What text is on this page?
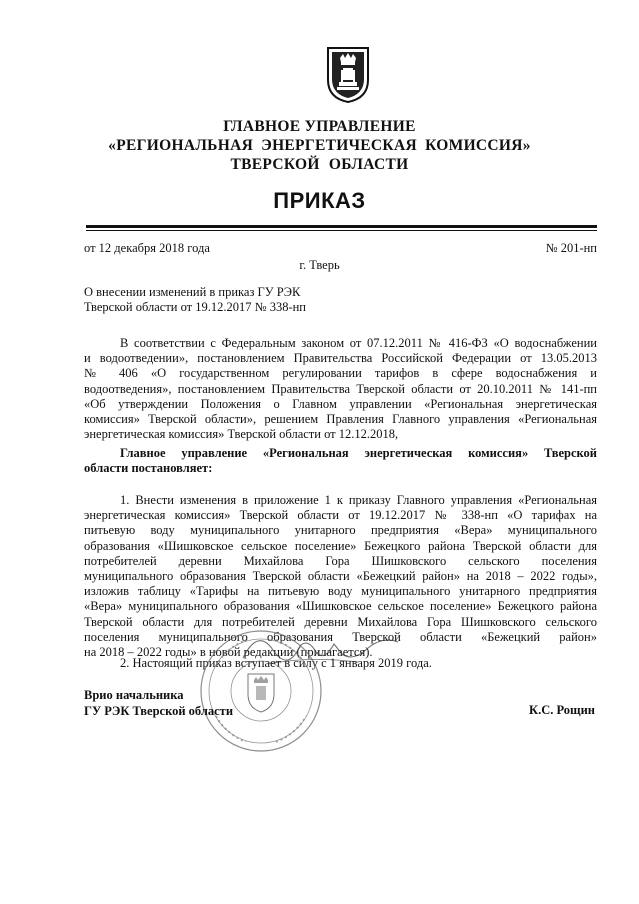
ГЛАВНОЕ УПРАВЛЕНИЕ
«РЕГИОНАЛЬНАЯ ЭНЕРГЕТИЧЕСКАЯ КОМИССИЯ»
ТВЕРСКОЙ ОБЛАСТИ
ПРИКАЗ
от 12 декабря 2018 года	№ 201-нп
г. Тверь
О внесении изменений в приказ ГУ РЭК
Тверской области от 19.12.2017 № 338-нп
В соответствии с Федеральным законом от 07.12.2011 № 416-ФЗ «О водоснабжении
и водоотведении», постановлением Правительства Российской Федерации от 13.05.2013
№ 406 «О государственном регулировании тарифов в сфере водоснабжения и
водоотведения», постановлением Правительства Тверской области от 20.10.2011 № 141-пп
«Об утверждении Положения о Главном управлении «Региональная энергетическая
комиссия» Тверской области», решением Правления Главного управления «Региональная
энергетическая комиссия» Тверской области от 12.12.2018,
Главное управление «Региональная энергетическая комиссия» Тверской
области постановляет:
1. Внести изменения в приложение 1 к приказу Главного управления «Региональная
энергетическая комиссия» Тверской области от 19.12.2017 № 338-нп «О тарифах на
питьевую воду муниципального унитарного предприятия «Вера» муниципального
образования «Шишковское сельское поселение» Бежецкого района Тверской области для
потребителей деревни Михайлова Гора Шишковского сельского поселения
муниципального образования Тверской области «Бежецкий район» на 2018 – 2022 годы»,
изложив таблицу «Тарифы на питьевую воду муниципального унитарного предприятия
«Вера» муниципального образования «Шишковское сельское поселение» Бежецкого района
Тверской области для потребителей деревни Михайлова Гора Шишковского сельского
поселения муниципального образования Тверской области «Бежецкий район»
на 2018 – 2022 годы» в новой редакции (прилагается).
2. Настоящий приказ вступает в силу с 1 января 2019 года.
Врио начальника
ГУ РЭК Тверской области	К.С. Рощин
